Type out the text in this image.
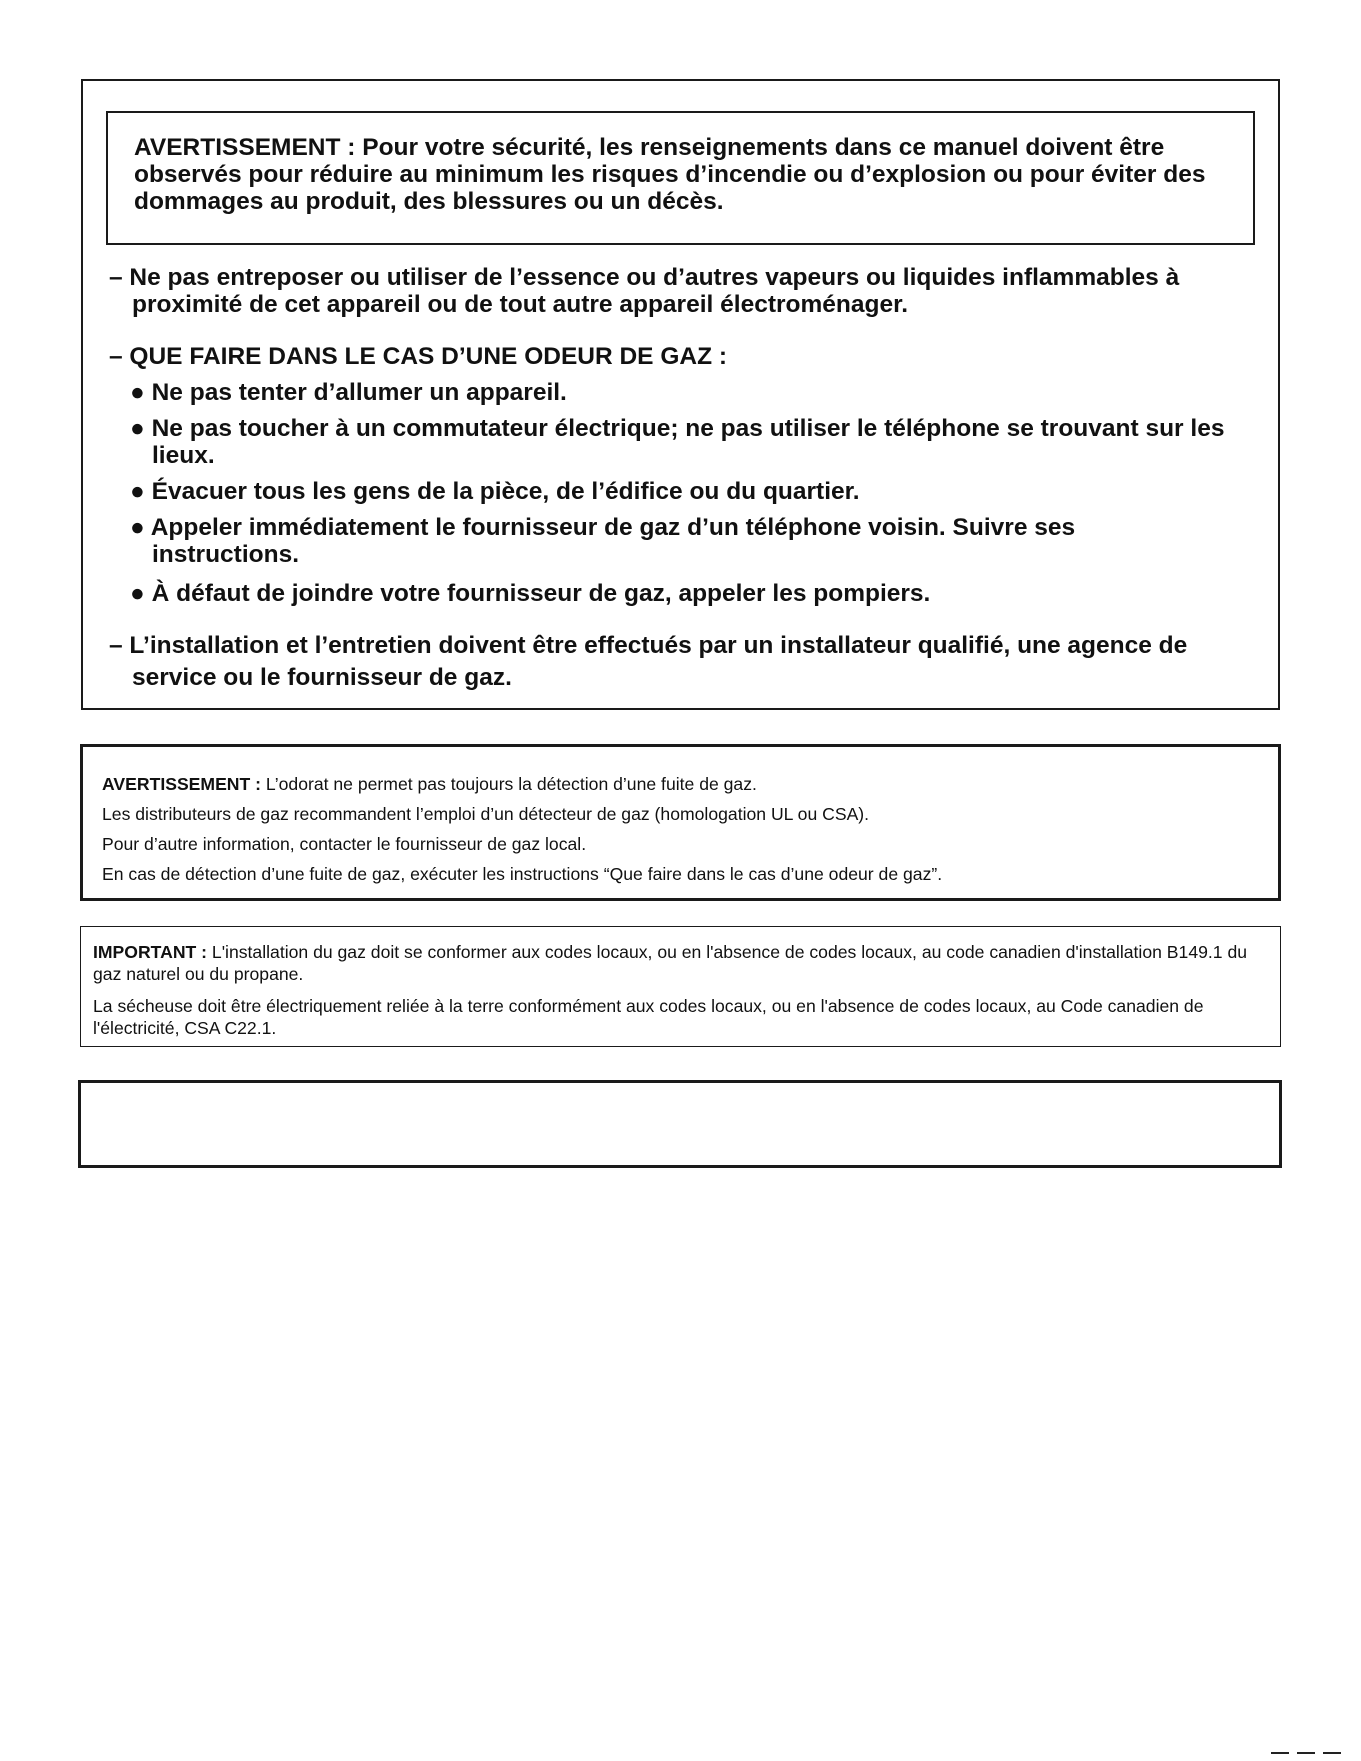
AVERTISSEMENT : Pour votre sécurité, les renseignements dans ce manuel doivent être observés pour réduire au minimum les risques d’incendie ou d’explosion ou pour éviter des dommages au produit, des blessures ou un décès.

– Ne pas entreposer ou utiliser de l’essence ou d’autres vapeurs ou liquides inflammables à proximité de cet appareil ou de tout autre appareil électroménager.

– QUE FAIRE DANS LE CAS D’UNE ODEUR DE GAZ :

● Ne pas tenter d’allumer un appareil.

● Ne pas toucher à un commutateur électrique; ne pas utiliser le téléphone se trouvant sur les lieux.

● Évacuer tous les gens de la pièce, de l’édifice ou du quartier.

● Appeler immédiatement le fournisseur de gaz d’un téléphone voisin. Suivre ses instructions.

● À défaut de joindre votre fournisseur de gaz, appeler les pompiers.

– L’installation et l’entretien doivent être effectués par un installateur qualifié, une agence de service ou le fournisseur de gaz.

AVERTISSEMENT : L’odorat ne permet pas toujours la détection d’une fuite de gaz.

Les distributeurs de gaz recommandent l’emploi d’un détecteur de gaz (homologation UL ou CSA).

Pour d’autre information, contacter le fournisseur de gaz local.

En cas de détection d’une fuite de gaz, exécuter les instructions “Que faire dans le cas d’une odeur de gaz”.

IMPORTANT : L'installation du gaz doit se conformer aux codes locaux, ou en l'absence de codes locaux, au code canadien d'installation B149.1 du gaz naturel ou du propane.

La sécheuse doit être électriquement reliée à la terre conformément aux codes locaux, ou en l'absence de codes locaux, au Code canadien de l'électricité, CSA C22.1.
